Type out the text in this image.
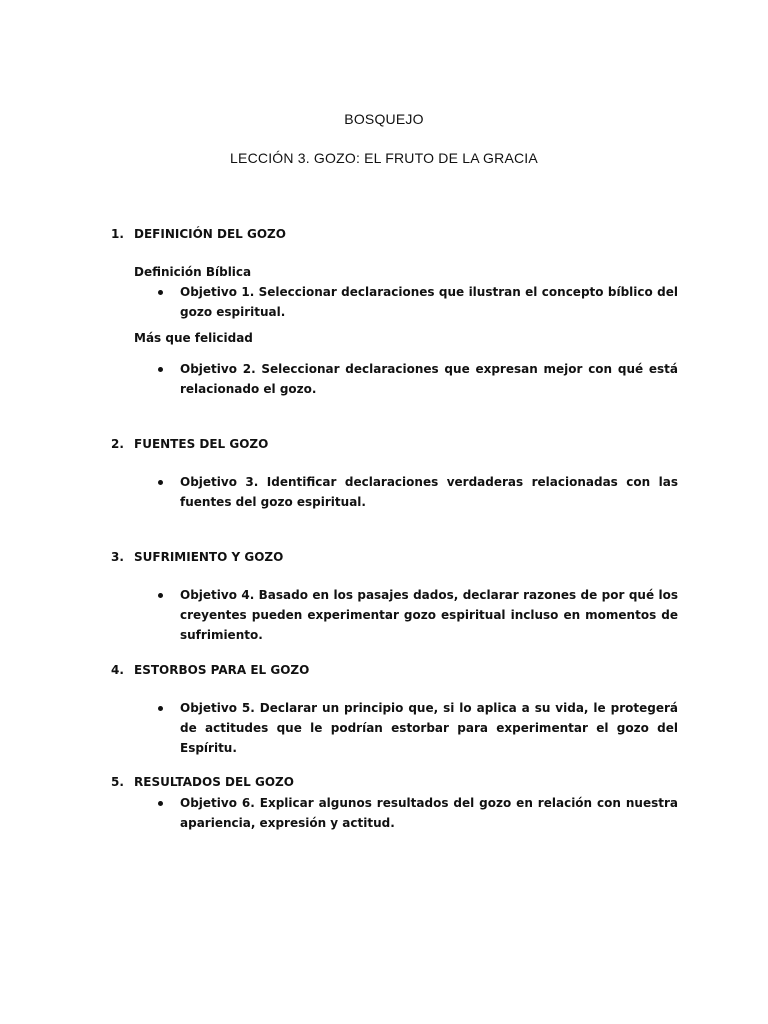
BOSQUEJO
LECCIÓN 3. GOZO: EL FRUTO DE LA GRACIA
1. DEFINICIÓN DEL GOZO
Definición Bíblica
Objetivo 1. Seleccionar declaraciones que ilustran el concepto bíblico del gozo espiritual.
Más que felicidad
Objetivo 2. Seleccionar declaraciones que expresan mejor con qué está relacionado el gozo.
2. FUENTES DEL GOZO
Objetivo 3. Identificar declaraciones verdaderas relacionadas con las fuentes del gozo espiritual.
3. SUFRIMIENTO Y GOZO
Objetivo 4. Basado en los pasajes dados, declarar razones de por qué los creyentes pueden experimentar gozo espiritual incluso en momentos de sufrimiento.
4. ESTORBOS PARA EL GOZO
Objetivo 5. Declarar un principio que, si lo aplica a su vida, le protegerá de actitudes que le podrían estorbar para experimentar el gozo del Espíritu.
5. RESULTADOS DEL GOZO
Objetivo 6. Explicar algunos resultados del gozo en relación con nuestra apariencia, expresión y actitud.
